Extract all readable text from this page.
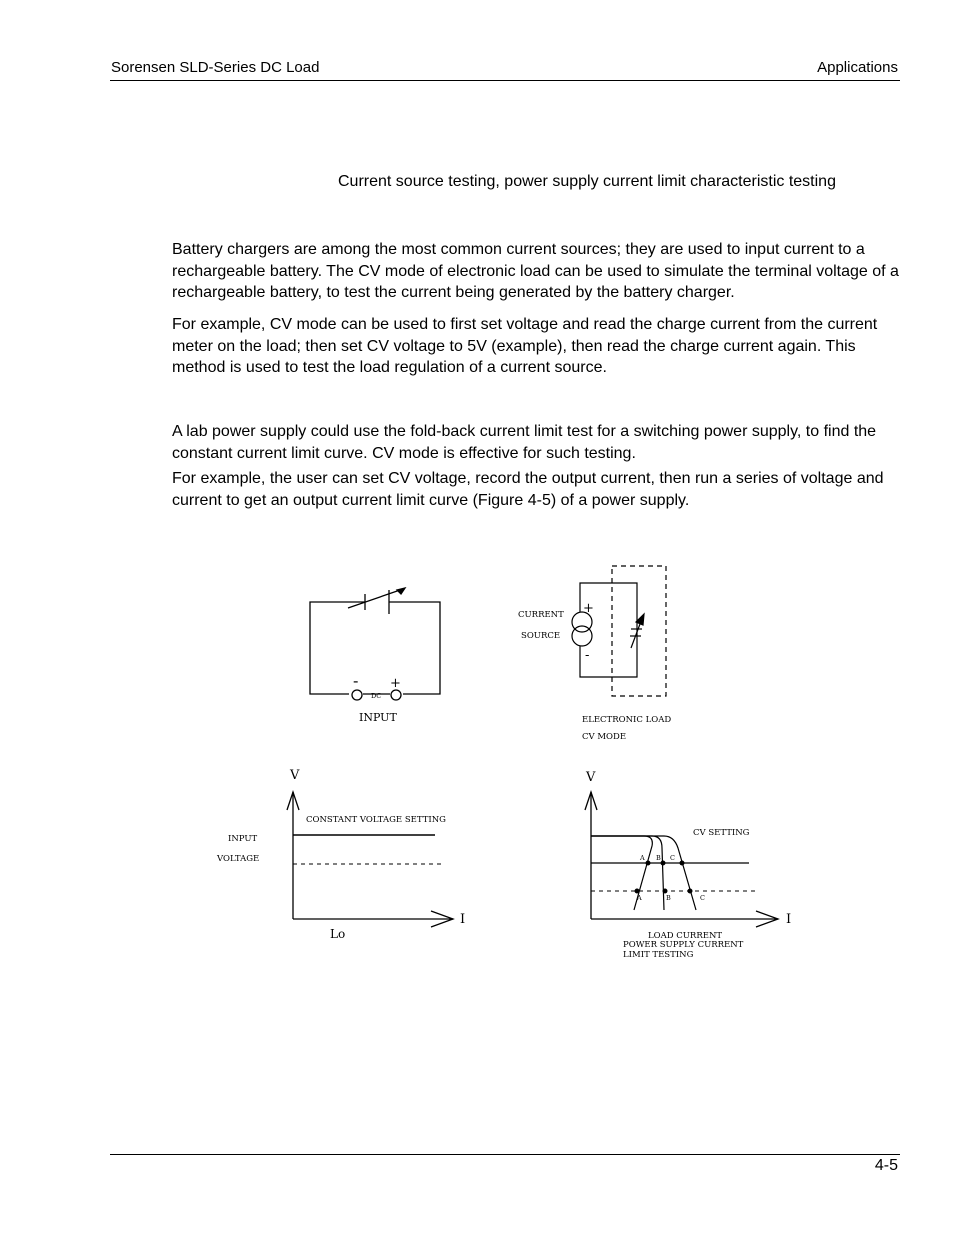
Sorensen SLD-Series DC Load	Applications
Current source testing, power supply current limit characteristic testing

Battery chargers are among the most common current sources; they are used to input current to a rechargeable battery. The CV mode of electronic load can be used to simulate the terminal voltage of a rechargeable battery, to test the current being generated by the battery charger.

For example, CV mode can be used to first set voltage and read the charge current from the current meter on the load; then set CV voltage to 5V (example), then read the charge current again. This method is used to test the load regulation of a current source.

A lab power supply could use the fold-back current limit test for a switching power supply, to find the constant current limit curve. CV mode is effective for such testing.

For example, the user can set CV voltage, record the output current, then run a series of voltage and current to get an output current limit curve (Figure 4-5) of a power supply.

- +
DC
INPUT
CURRENT
SOURCE
+
-
ELECTRONIC LOAD
CV MODE
V
I
CONSTANT VOLTAGE SETTING
INPUT
VOLTAGE
Lo
V
I
CV SETTING
A B C
A	B	C
LOAD CURRENT
POWER SUPPLY CURRENT
LIMIT TESTING
4-5
